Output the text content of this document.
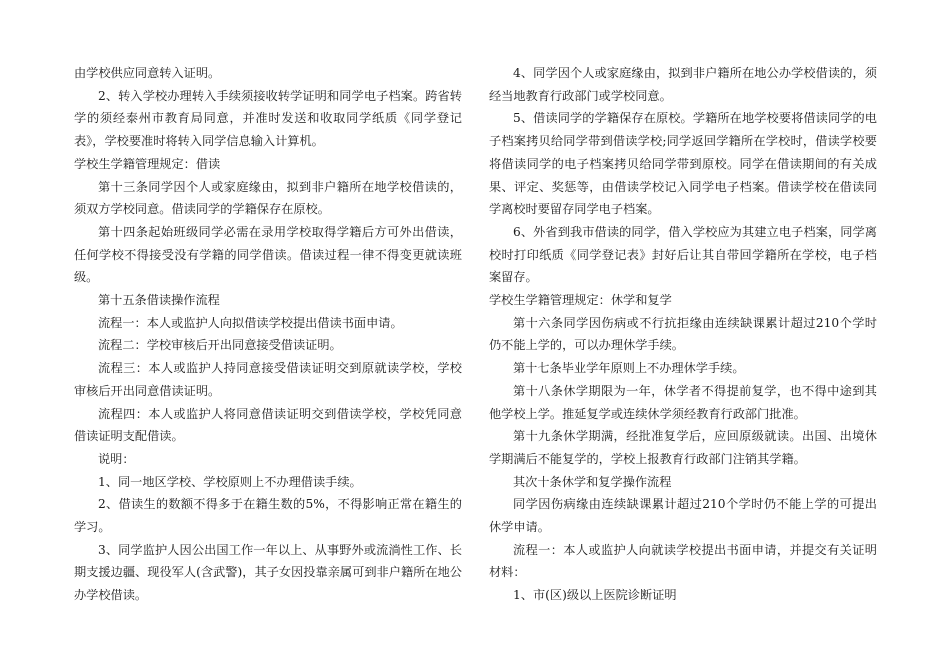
由学校供应同意转入证明。

2、转入学校办理转入手续须接收转学证明和同学电子档案。跨省转学的须经泰州市教育局同意，并准时发送和收取同学纸质《同学登记表》，学校要准时将转入同学信息输入计算机。

学校生学籍管理规定：借读

第十三条同学因个人或家庭缘由，拟到非户籍所在地学校借读的，须双方学校同意。借读同学的学籍保存在原校。

第十四条起始班级同学必需在录用学校取得学籍后方可外出借读，任何学校不得接受没有学籍的同学借读。借读过程一律不得变更就读班级。

第十五条借读操作流程

流程一：本人或监护人向拟借读学校提出借读书面申请。

流程二：学校审核后开出同意接受借读证明。

流程三：本人或监护人持同意接受借读证明交到原就读学校，学校审核后开出同意借读证明。

流程四：本人或监护人将同意借读证明交到借读学校，学校凭同意借读证明支配借读。

说明：

1、同一地区学校、学校原则上不办理借读手续。

2、借读生的数额不得多于在籍生数的5%，不得影响正常在籍生的学习。

3、同学监护人因公出国工作一年以上、从事野外或流淌性工作、长期支援边疆、现役军人(含武警)，其子女因投靠亲属可到非户籍所在地公办学校借读。

4、同学因个人或家庭缘由，拟到非户籍所在地公办学校借读的，须经当地教育行政部门或学校同意。

5、借读同学的学籍保存在原校。学籍所在地学校要将借读同学的电子档案拷贝给同学带到借读学校;同学返回学籍所在学校时，借读学校要将借读同学的电子档案拷贝给同学带到原校。同学在借读期间的有关成果、评定、奖惩等，由借读学校记入同学电子档案。借读学校在借读同学离校时要留存同学电子档案。

6、外省到我市借读的同学，借入学校应为其建立电子档案，同学离校时打印纸质《同学登记表》封好后让其自带回学籍所在学校，电子档案留存。

学校生学籍管理规定：休学和复学

第十六条同学因伤病或不行抗拒缘由连续缺课累计超过210个学时仍不能上学的，可以办理休学手续。

第十七条毕业学年原则上不办理休学手续。

第十八条休学期限为一年，休学者不得提前复学，也不得中途到其他学校上学。推延复学或连续休学须经教育行政部门批准。

第十九条休学期满，经批准复学后，应回原级就读。出国、出境休学期满后不能复学的，学校上报教育行政部门注销其学籍。

其次十条休学和复学操作流程

同学因伤病缘由连续缺课累计超过210个学时仍不能上学的可提出休学申请。

流程一：本人或监护人向就读学校提出书面申请，并提交有关证明材料：

1、市(区)级以上医院诊断证明
